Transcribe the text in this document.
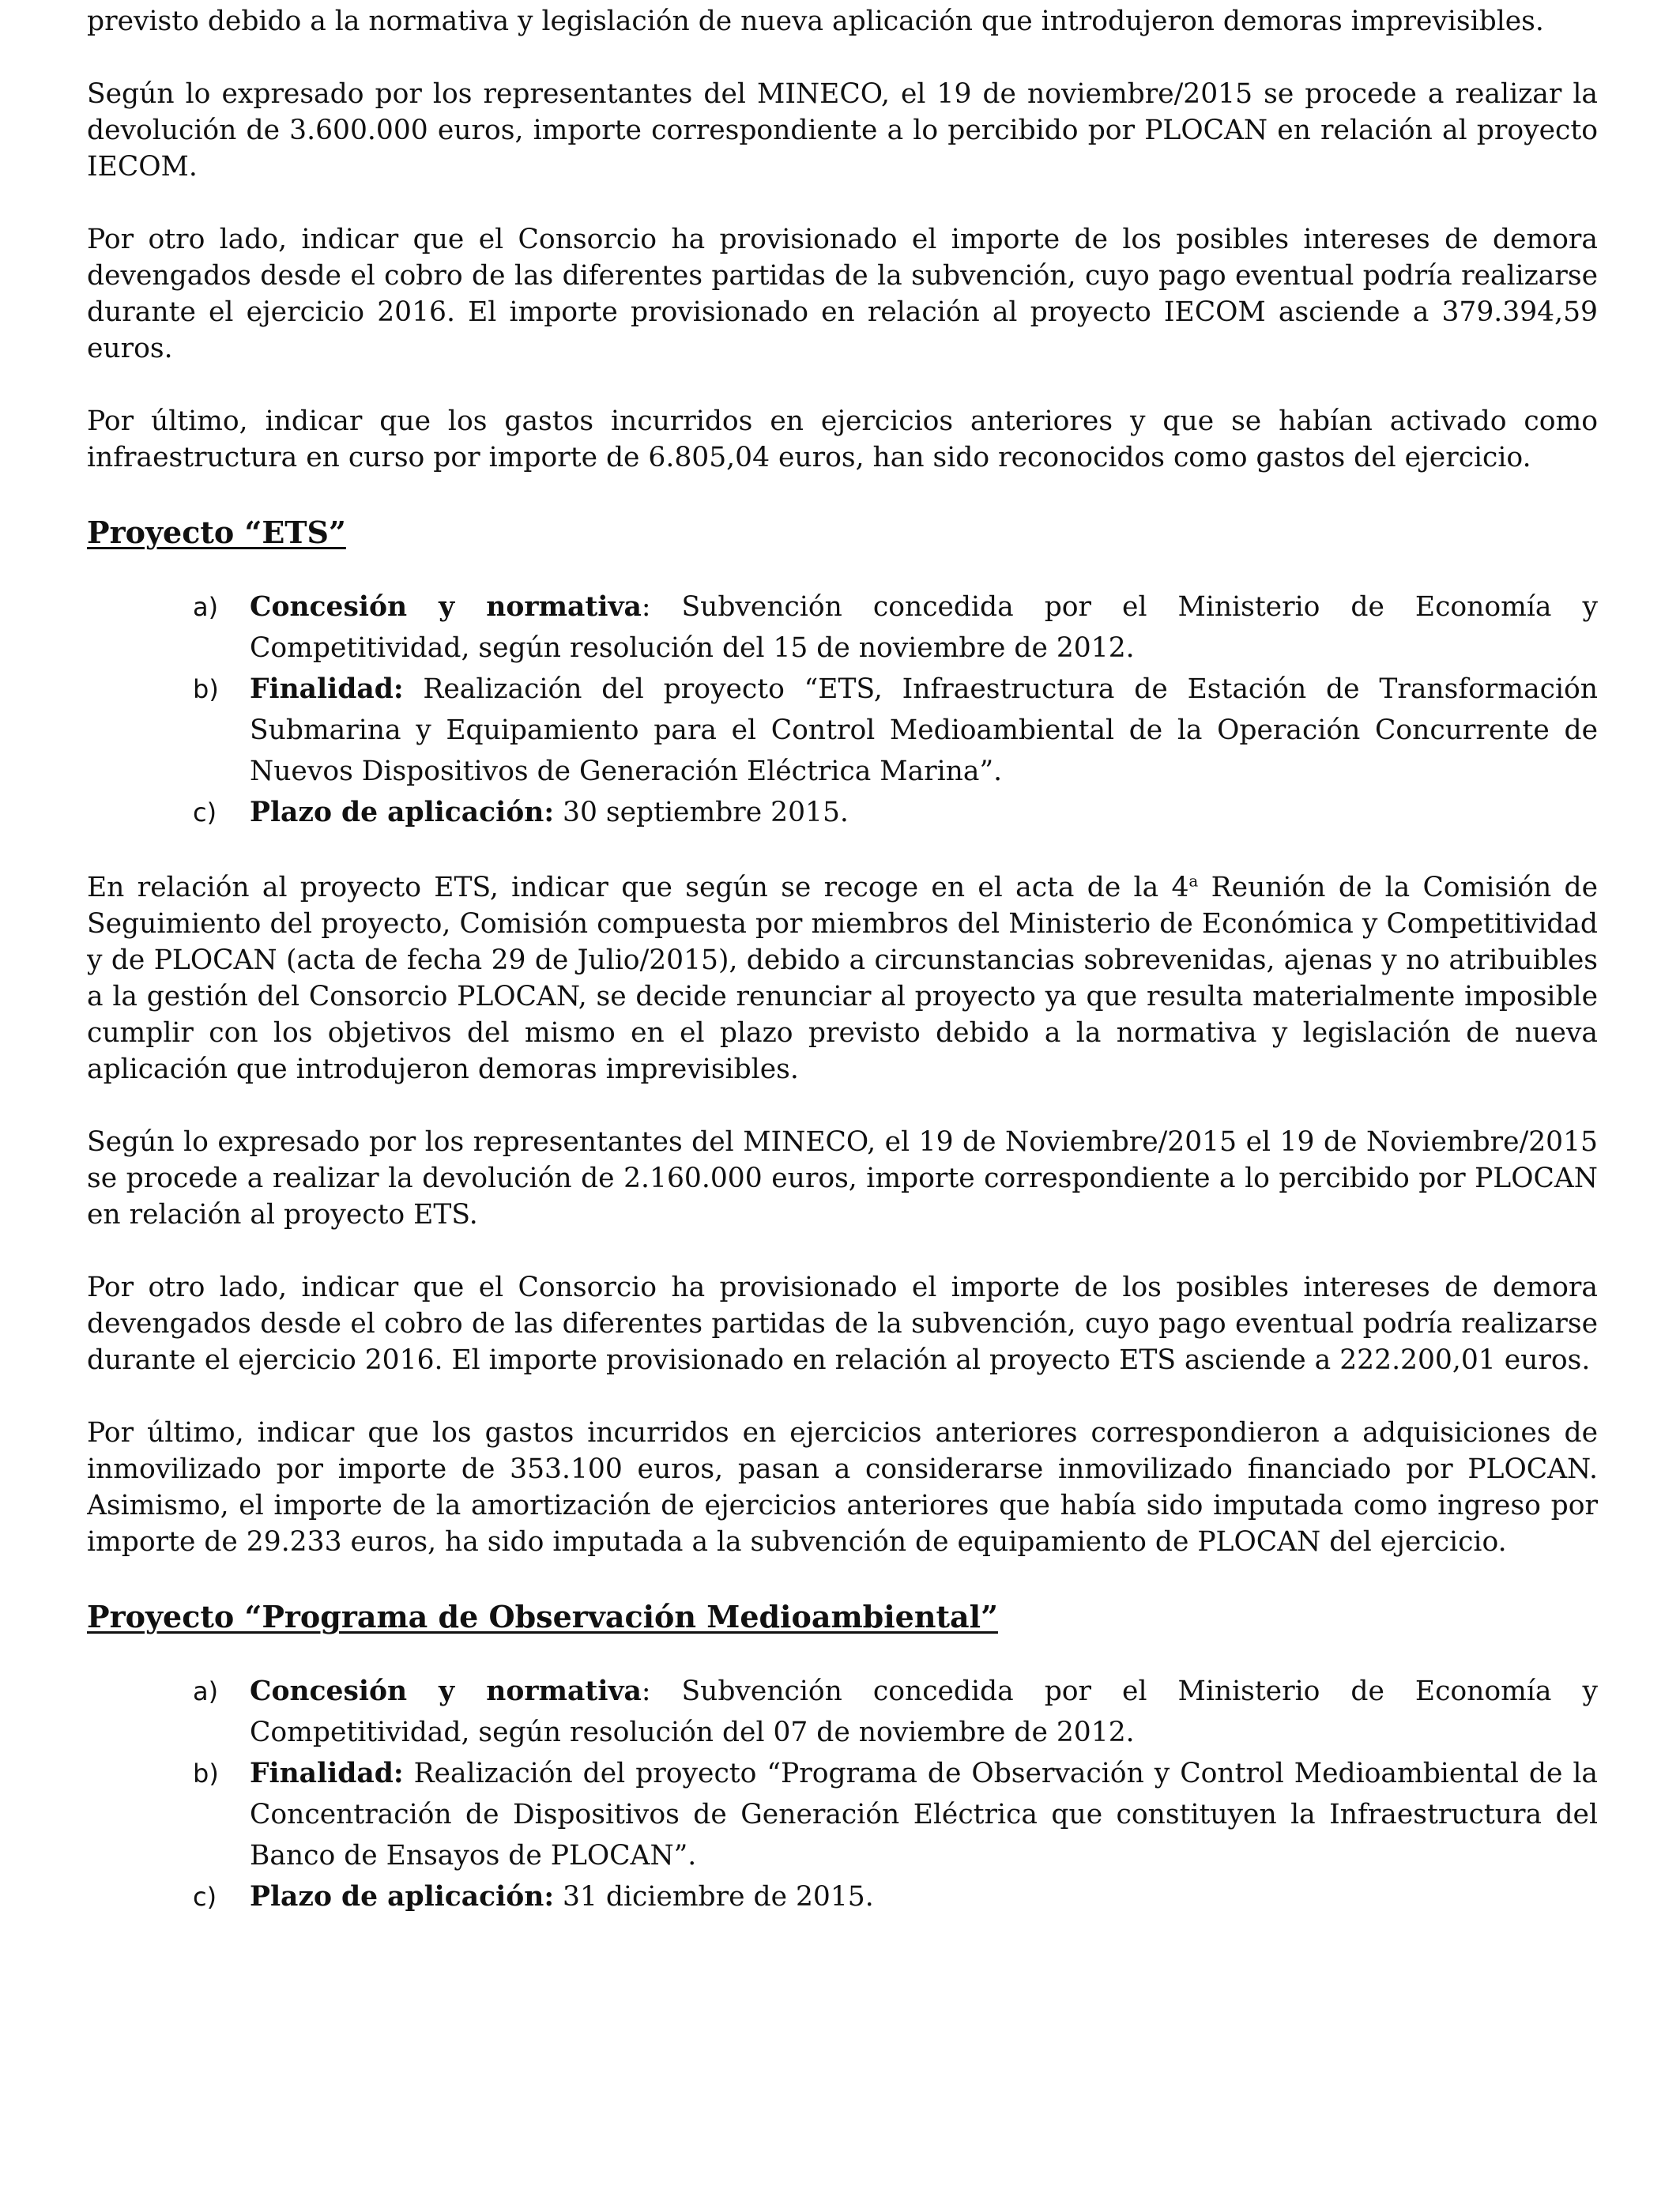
previsto debido a la normativa y legislación de nueva aplicación que introdujeron demoras imprevisibles.

Según lo expresado por los representantes del MINECO, el 19 de noviembre/2015 se procede a realizar la devolución de 3.600.000 euros, importe correspondiente a lo percibido por PLOCAN en relación al proyecto IECOM.

Por otro lado, indicar que el Consorcio ha provisionado el importe de los posibles intereses de demora devengados desde el cobro de las diferentes partidas de la subvención, cuyo pago eventual podría realizarse durante el ejercicio 2016. El importe provisionado en relación al proyecto IECOM asciende a 379.394,59 euros.

Por último, indicar que los gastos incurridos en ejercicios anteriores y que se habían activado como infraestructura en curso por importe de 6.805,04 euros, han sido reconocidos como gastos del ejercicio.

Proyecto “ETS”
a) Concesión y normativa: Subvención concedida por el Ministerio de Economía y Competitividad, según resolución del 15 de noviembre de 2012.
b) Finalidad: Realización del proyecto “ETS, Infraestructura de Estación de Transformación Submarina y Equipamiento para el Control Medioambiental de la Operación Concurrente de Nuevos Dispositivos de Generación Eléctrica Marina”.
c) Plazo de aplicación: 30 septiembre 2015.

En relación al proyecto ETS, indicar que según se recoge en el acta de la 4$^a$ Reunión de la Comisión de Seguimiento del proyecto, Comisión compuesta por miembros del Ministerio de Económica y Competitividad y de PLOCAN (acta de fecha 29 de Julio/2015), debido a circunstancias sobrevenidas, ajenas y no atribuibles a la gestión del Consorcio PLOCAN, se decide renunciar al proyecto ya que resulta materialmente imposible cumplir con los objetivos del mismo en el plazo previsto debido a la normativa y legislación de nueva aplicación que introdujeron demoras imprevisibles.

Según lo expresado por los representantes del MINECO, el 19 de Noviembre/2015 el 19 de Noviembre/2015 se procede a realizar la devolución de 2.160.000 euros, importe correspondiente a lo percibido por PLOCAN en relación al proyecto ETS.

Por otro lado, indicar que el Consorcio ha provisionado el importe de los posibles intereses de demora devengados desde el cobro de las diferentes partidas de la subvención, cuyo pago eventual podría realizarse durante el ejercicio 2016. El importe provisionado en relación al proyecto ETS asciende a 222.200,01 euros.

Por último, indicar que los gastos incurridos en ejercicios anteriores correspondieron a adquisiciones de inmovilizado por importe de 353.100 euros, pasan a considerarse inmovilizado financiado por PLOCAN. Asimismo, el importe de la amortización de ejercicios anteriores que había sido imputada como ingreso por importe de 29.233 euros, ha sido imputada a la subvención de equipamiento de PLOCAN del ejercicio.

Proyecto “Programa de Observación Medioambiental”
a) Concesión y normativa: Subvención concedida por el Ministerio de Economía y Competitividad, según resolución del 07 de noviembre de 2012.
b) Finalidad: Realización del proyecto “Programa de Observación y Control Medioambiental de la Concentración de Dispositivos de Generación Eléctrica que constituyen la Infraestructura del Banco de Ensayos de PLOCAN”.
c) Plazo de aplicación: 31 diciembre de 2015.
